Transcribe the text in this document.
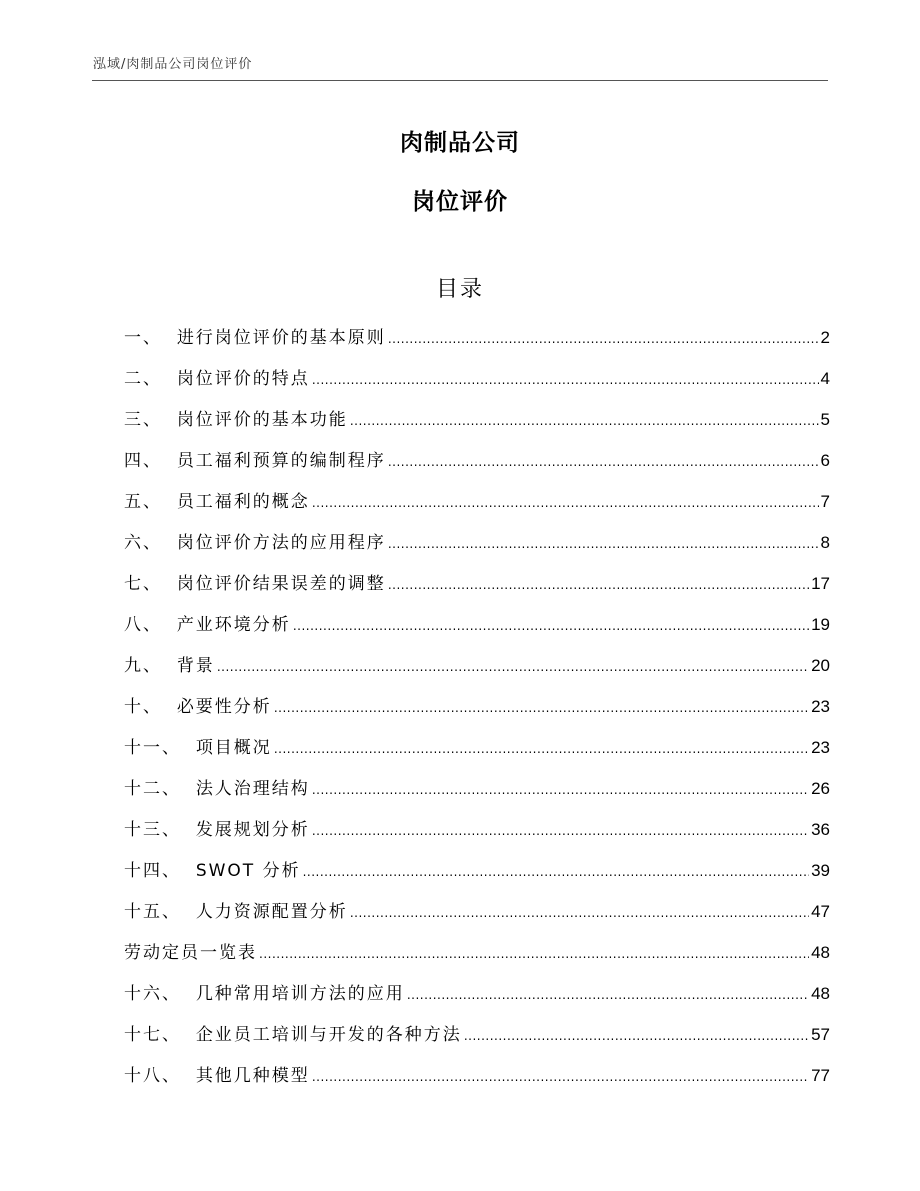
泓域/肉制品公司岗位评价
肉制品公司
岗位评价
目录
一、 进行岗位评价的基本原则 .....	2
二、 岗位评价的特点 .....	4
三、 岗位评价的基本功能 .....	5
四、 员工福利预算的编制程序 .....	6
五、 员工福利的概念 .....	7
六、 岗位评价方法的应用程序 .....	8
七、 岗位评价结果误差的调整 .....	17
八、 产业环境分析 .....	19
九、 背景 .....	20
十、 必要性分析 .....	23
十一、 项目概况 .....	23
十二、 法人治理结构 .....	26
十三、 发展规划分析 .....	36
十四、 SWOT 分析 .....	39
十五、 人力资源配置分析 .....	47
劳动定员一览表 .....	48
十六、 几种常用培训方法的应用 .....	48
十七、 企业员工培训与开发的各种方法 .....	57
十八、 其他几种模型 .....	77
